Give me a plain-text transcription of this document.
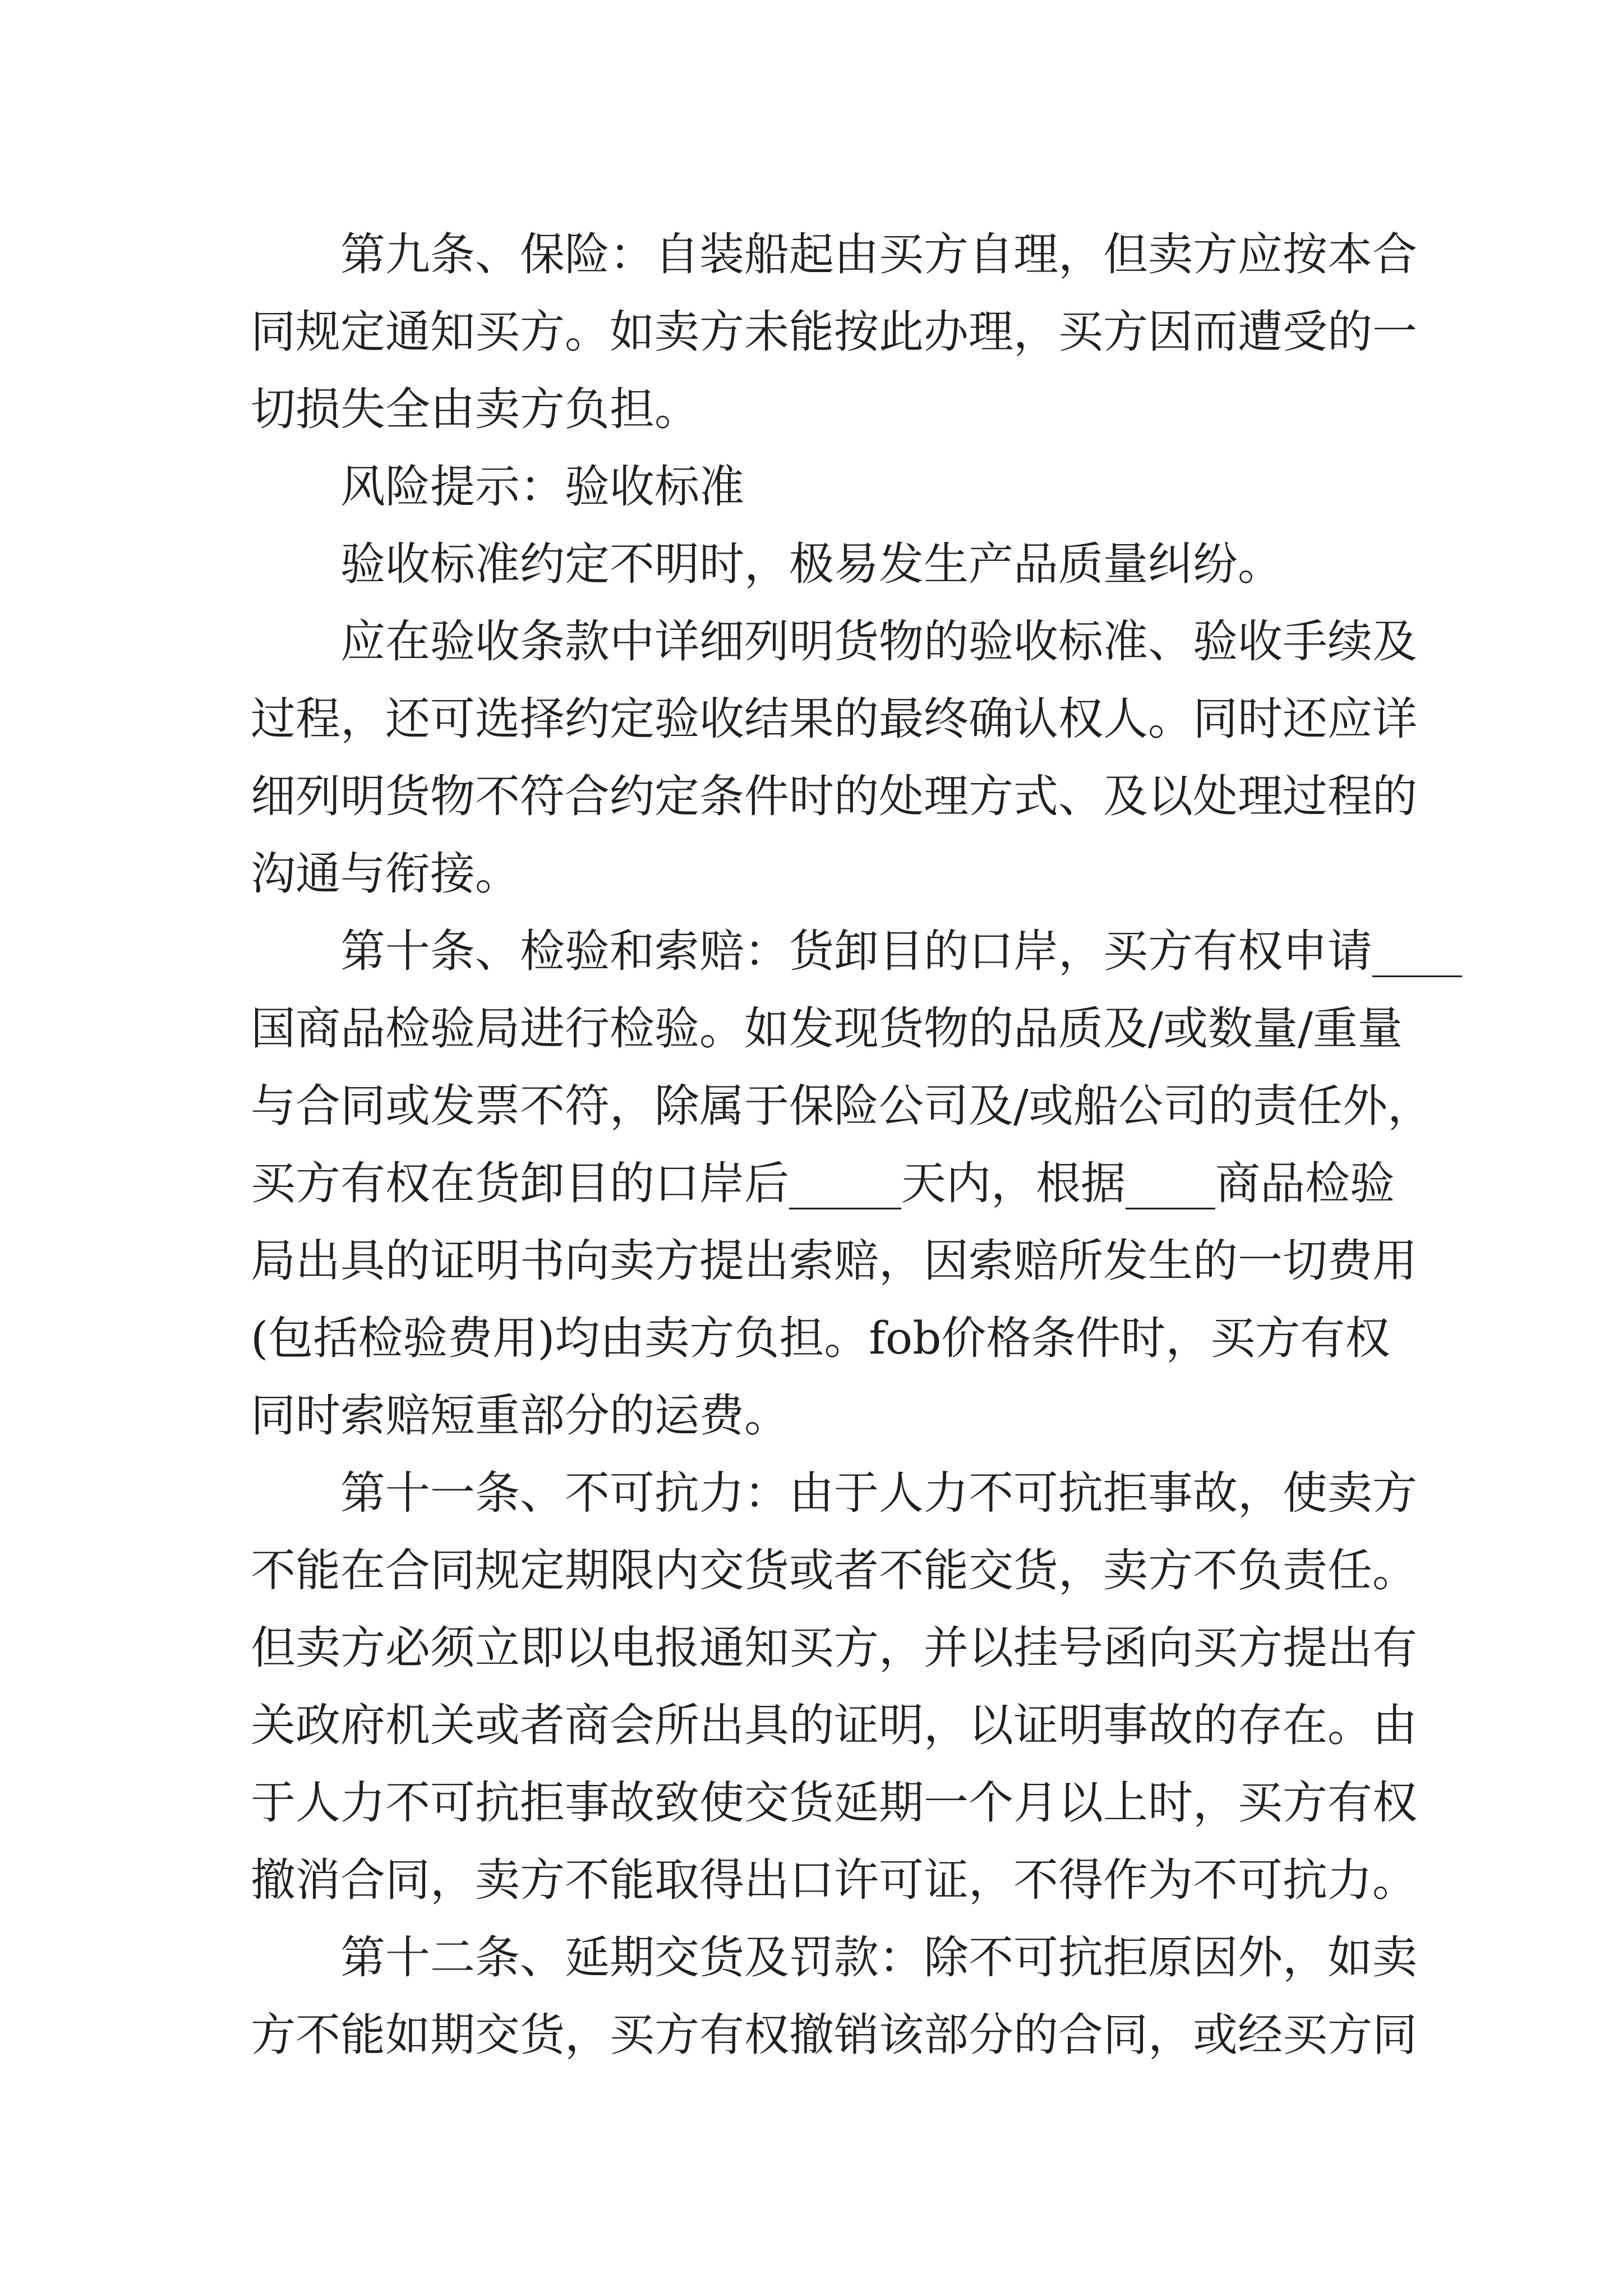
第九条、保险：自装船起由买方自理，但卖方应按本合
同规定通知买方。如卖方未能按此办理，买方因而遭受的一
切损失全由卖方负担。
风险提示：验收标准
验收标准约定不明时，极易发生产品质量纠纷。
应在验收条款中详细列明货物的验收标准、验收手续及
过程，还可选择约定验收结果的最终确认权人。同时还应详
细列明货物不符合约定条件时的处理方式、及以处理过程的
沟通与衔接。
第十条、检验和索赔：货卸目的口岸，买方有权申请____
国商品检验局进行检验。如发现货物的品质及/或数量/重量
与合同或发票不符，除属于保险公司及/或船公司的责任外，
买方有权在货卸目的口岸后_____天内，根据____商品检验
局出具的证明书向卖方提出索赔，因索赔所发生的一切费用
(包括检验费用)均由卖方负担。fob价格条件时，买方有权
同时索赔短重部分的运费。
第十一条、不可抗力：由于人力不可抗拒事故，使卖方
不能在合同规定期限内交货或者不能交货，卖方不负责任。
但卖方必须立即以电报通知买方，并以挂号函向买方提出有
关政府机关或者商会所出具的证明，以证明事故的存在。由
于人力不可抗拒事故致使交货延期一个月以上时，买方有权
撤消合同，卖方不能取得出口许可证，不得作为不可抗力。
第十二条、延期交货及罚款：除不可抗拒原因外，如卖
方不能如期交货，买方有权撤销该部分的合同，或经买方同
